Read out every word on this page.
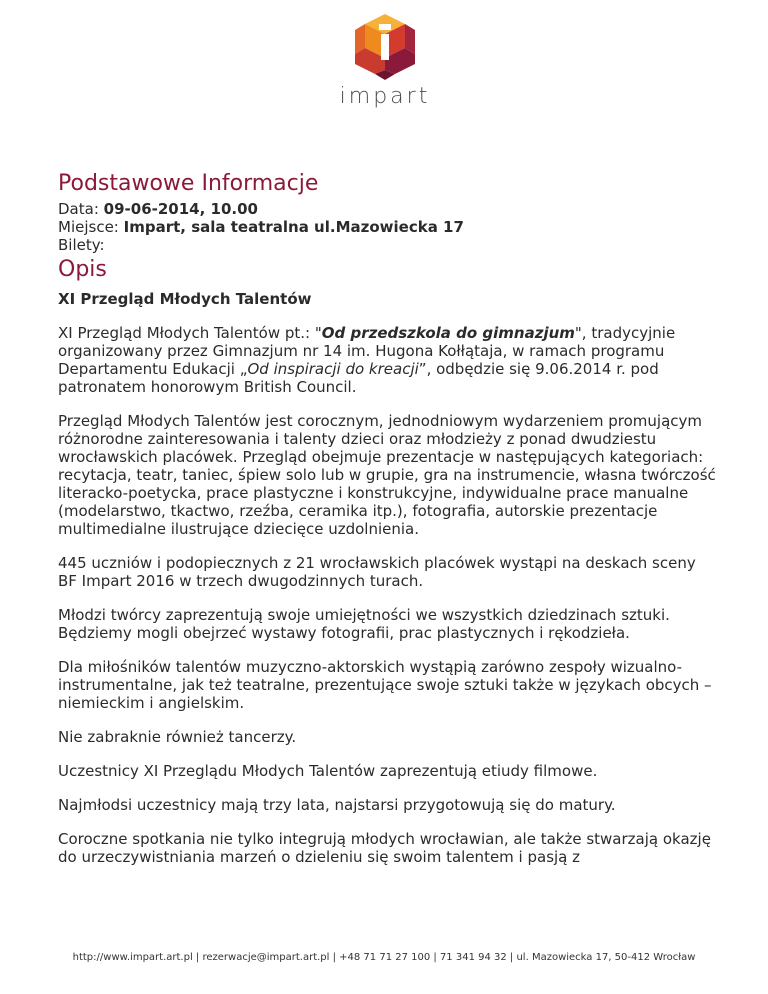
impart
Podstawowe Informacje
Data: 09-06-2014, 10.00
Miejsce: Impart, sala teatralna ul.Mazowiecka 17
Bilety:
Opis

XI Przegląd Młodych Talentów

XI Przegląd Młodych Talentów pt.: "Od przedszkola do gimnazjum", tradycyjnie organizowany przez Gimnazjum nr 14 im. Hugona Kołłątaja, w ramach programu Departamentu Edukacji „Od inspiracji do kreacji”, odbędzie się 9.06.2014 r. pod patronatem honorowym British Council.

Przegląd Młodych Talentów jest corocznym, jednodniowym wydarzeniem promującym różnorodne zainteresowania i talenty dzieci oraz młodzieży z ponad dwudziestu wrocławskich placówek. Przegląd obejmuje prezentacje w następujących kategoriach: recytacja, teatr, taniec, śpiew solo lub w grupie, gra na instrumencie, własna twórczość literacko-poetycka, prace plastyczne i konstrukcyjne, indywidualne prace manualne (modelarstwo, tkactwo, rzeźba, ceramika itp.), fotografia, autorskie prezentacje multimedialne ilustrujące dziecięce uzdolnienia.

445 uczniów i podopiecznych z 21 wrocławskich placówek wystąpi na deskach sceny BF Impart 2016 w trzech dwugodzinnych turach.

Młodzi twórcy zaprezentują swoje umiejętności we wszystkich dziedzinach sztuki. Będziemy mogli obejrzeć wystawy fotografii, prac plastycznych i rękodzieła.

Dla miłośników talentów muzyczno-aktorskich wystąpią zarówno zespoły wizualno-instrumentalne, jak też teatralne, prezentujące swoje sztuki także w językach obcych – niemieckim i angielskim.

Nie zabraknie również tancerzy.

Uczestnicy XI Przeglądu Młodych Talentów zaprezentują etiudy filmowe.

Najmłodsi uczestnicy mają trzy lata, najstarsi przygotowują się do matury.

Coroczne spotkania nie tylko integrują młodych wrocławian, ale także stwarzają okazję do urzeczywistniania marzeń o dzieleniu się swoim talentem i pasją z

http://www.impart.art.pl | rezerwacje@impart.art.pl | +48 71 71 27 100 | 71 341 94 32 | ul. Mazowiecka 17, 50-412 Wrocław
